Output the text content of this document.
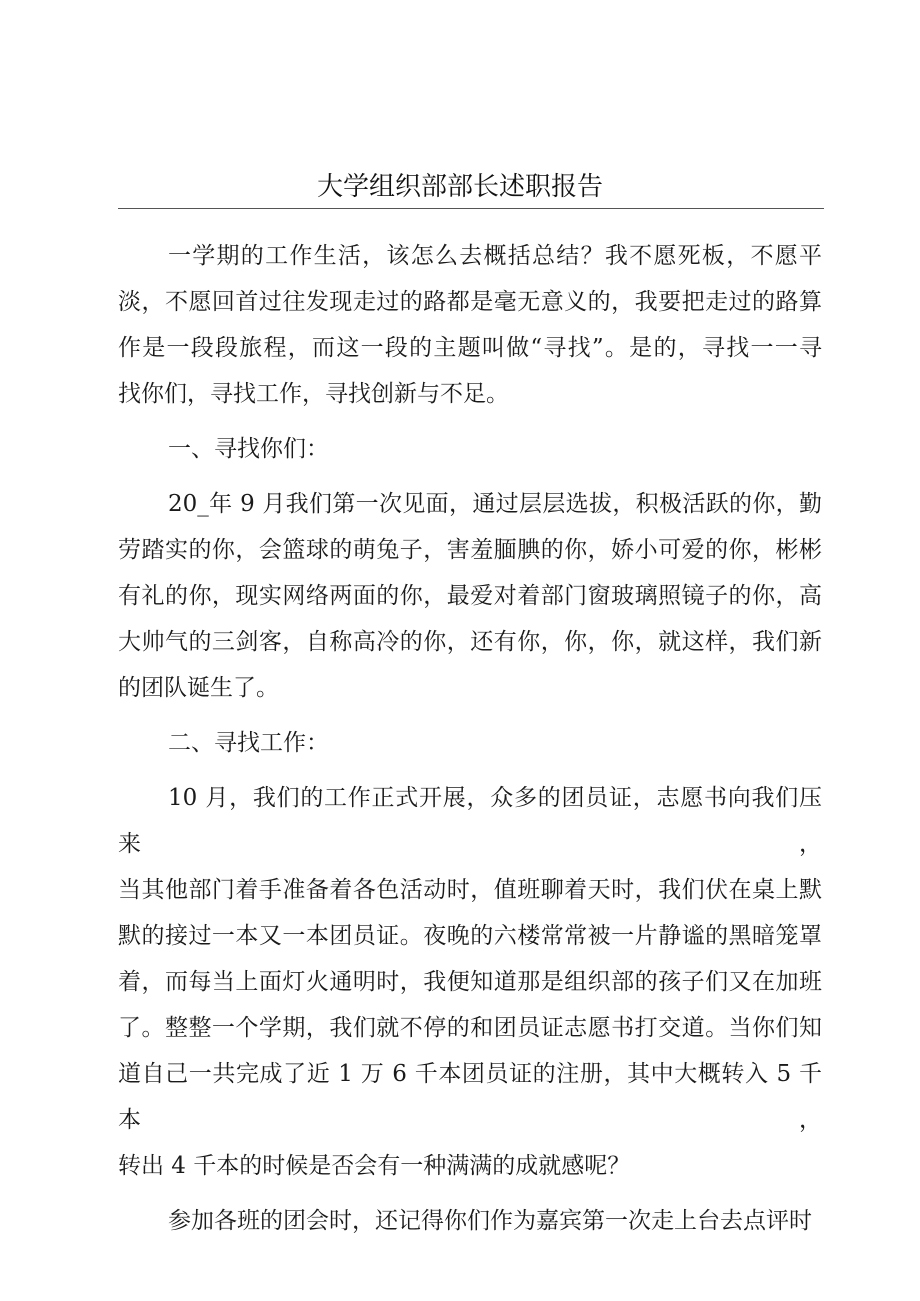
大学组织部部长述职报告
一学期的工作生活，该怎么去概括总结？我不愿死板，不愿平
淡，不愿回首过往发现走过的路都是毫无意义的，我要把走过的路算
作是一段段旅程，而这一段的主题叫做“寻找”。是的，寻找一一寻
找你们，寻找工作，寻找创新与不足。
一、寻找你们：
20_年 9 月我们第一次见面，通过层层选拔，积极活跃的你，勤
劳踏实的你，会篮球的萌兔子，害羞腼腆的你，娇小可爱的你，彬彬
有礼的你，现实网络两面的你，最爱对着部门窗玻璃照镜子的你，高
大帅气的三剑客，自称高冷的你，还有你，你，你，就这样，我们新
的团队诞生了。
二、寻找工作：
10 月，我们的工作正式开展，众多的团员证，志愿书向我们压来，
当其他部门着手准备着各色活动时，值班聊着天时，我们伏在桌上默
默的接过一本又一本团员证。夜晚的六楼常常被一片静谧的黑暗笼罩
着，而每当上面灯火通明时，我便知道那是组织部的孩子们又在加班
了。整整一个学期，我们就不停的和团员证志愿书打交道。当你们知
道自己一共完成了近 1 万 6 千本团员证的注册，其中大概转入 5 千本，
转出 4 千本的时候是否会有一种满满的成就感呢？
参加各班的团会时，还记得你们作为嘉宾第一次走上台去点评时
